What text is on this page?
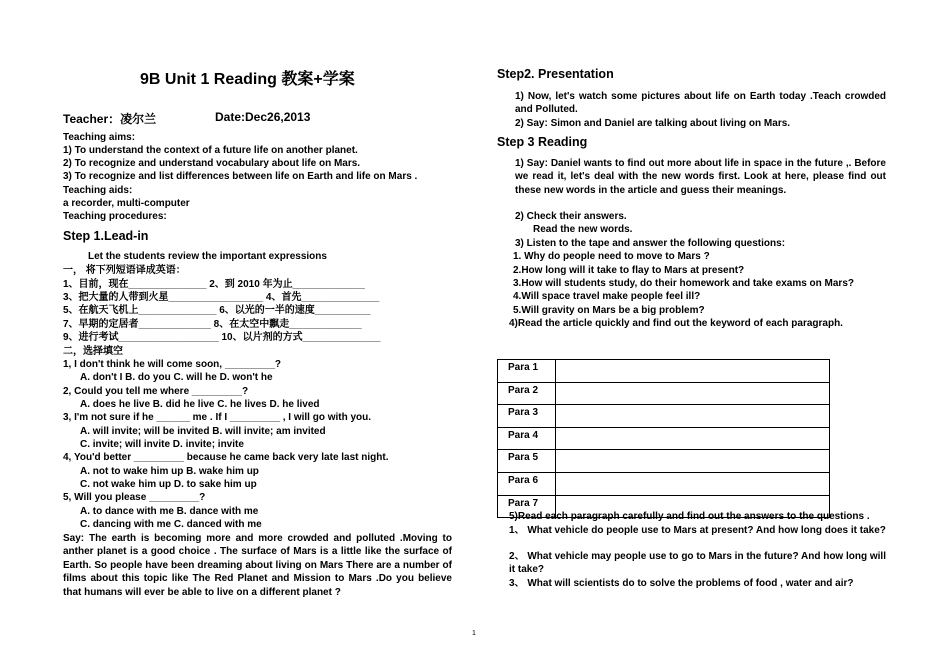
9B Unit 1 Reading 教案+学案
Teacher：凌尔兰	Date:Dec26,2013
Teaching aims:
1) To understand the context of a future life on another planet.
2) To recognize and understand vocabulary about life on Mars.
3) To recognize and list differences between life on Earth and life on Mars .
Teaching aids:
a recorder, multi-computer
Teaching procedures:
Step 1.Lead-in
Let the students review the important expressions
一， 将下列短语译成英语：
1、目前，现在______________ 2、到 2010 年为止_____________
3、把大量的人带到火星_________________ 4、首先______________
5、在航天飞机上______________ 6、以光的一半的速度__________
7、早期的定居者_____________ 8、在太空中飘走_____________
9、进行考试__________________ 10、以片剂的方式______________
二，选择填空
1, I don't think he will come soon, _________?
A. don't I B. do you C. will he D. won't he
2, Could you tell me where _________?
A. does he live B. did he live C. he lives D. he lived
3, I'm not sure if he ______ me . If I _________ , I will go with you.
A. will invite; will be invited B. will invite; am invited
C. invite; will invite D. invite; invite
4, You'd better _________ because he came back very late last night.
A. not to wake him up B. wake him up
C. not wake him up D. to sake him up
5, Will you please _________?
A. to dance with me B. dance with me
C. dancing with me C. danced with me
Say: The earth is becoming more and more crowded and polluted .Moving to anther planet is a good choice . The surface of Mars is a little like the surface of Earth. So people have been dreaming about living on Mars There are a number of films about this topic like The Red Planet and Mission to Mars .Do you believe that humans will ever be able to live on a different planet ?
Step2. Presentation
1) Now, let's watch some pictures about life on Earth today .Teach crowded and Polluted.
2) Say: Simon and Daniel are talking about living on Mars.
Step 3 Reading
1) Say: Daniel wants to find out more about life in space in the future ,. Before we read it, let's deal with the new words first. Look at here, please find out these new words in the article and guess their meanings.
2) Check their answers.
Read the new words.
3) Listen to the tape and answer the following questions:
1. Why do people need to move to Mars ?
2.How long will it take to flay to Mars at present?
3.How will students study, do their homework and take exams on Mars?
4.Will space travel make people feel ill?
5.Will gravity on Mars be a big problem?
4)Read the article quickly and find out the keyword of each paragraph.
Para 1	
Para 2	
Para 3	
Para 4	
Para 5	
Para 6	
Para 7	
5)Read each paragraph carefully and find out the answers to the questions .
1、 What vehicle do people use to Mars at present? And how long does it take?
2、 What vehicle may people use to go to Mars in the future? And how long will it take?
3、 What will scientists do to solve the problems of food , water and air?
1
